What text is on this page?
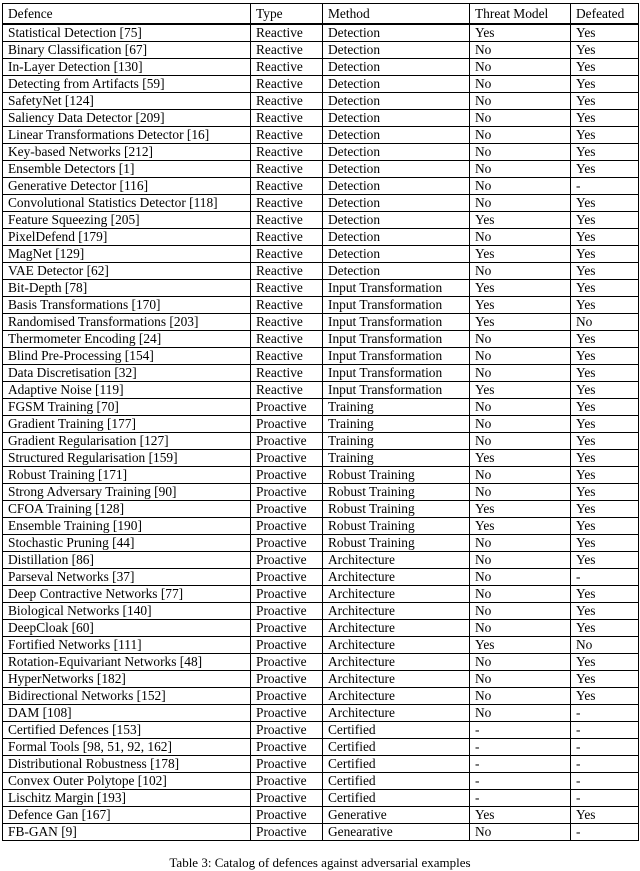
Defence	Type	Method	Threat Model	Defeated
Statistical Detection [75]	Reactive	Detection	Yes	Yes
Binary Classification [67]	Reactive	Detection	No	Yes
In-Layer Detection [130]	Reactive	Detection	No	Yes
Detecting from Artifacts [59]	Reactive	Detection	No	Yes
SafetyNet [124]	Reactive	Detection	No	Yes
Saliency Data Detector [209]	Reactive	Detection	No	Yes
Linear Transformations Detector [16]	Reactive	Detection	No	Yes
Key-based Networks [212]	Reactive	Detection	No	Yes
Ensemble Detectors [1]	Reactive	Detection	No	Yes
Generative Detector [116]	Reactive	Detection	No	-
Convolutional Statistics Detector [118]	Reactive	Detection	No	Yes
Feature Squeezing [205]	Reactive	Detection	Yes	Yes
PixelDefend [179]	Reactive	Detection	No	Yes
MagNet [129]	Reactive	Detection	Yes	Yes
VAE Detector [62]	Reactive	Detection	No	Yes
Bit-Depth [78]	Reactive	Input Transformation	Yes	Yes
Basis Transformations [170]	Reactive	Input Transformation	Yes	Yes
Randomised Transformations [203]	Reactive	Input Transformation	Yes	No
Thermometer Encoding [24]	Reactive	Input Transformation	No	Yes
Blind Pre-Processing [154]	Reactive	Input Transformation	No	Yes
Data Discretisation [32]	Reactive	Input Transformation	No	Yes
Adaptive Noise [119]	Reactive	Input Transformation	Yes	Yes
FGSM Training [70]	Proactive	Training	No	Yes
Gradient Training [177]	Proactive	Training	No	Yes
Gradient Regularisation [127]	Proactive	Training	No	Yes
Structured Regularisation [159]	Proactive	Training	Yes	Yes
Robust Training [171]	Proactive	Robust Training	No	Yes
Strong Adversary Training [90]	Proactive	Robust Training	No	Yes
CFOA Training [128]	Proactive	Robust Training	Yes	Yes
Ensemble Training [190]	Proactive	Robust Training	Yes	Yes
Stochastic Pruning [44]	Proactive	Robust Training	No	Yes
Distillation [86]	Proactive	Architecture	No	Yes
Parseval Networks [37]	Proactive	Architecture	No	-
Deep Contractive Networks [77]	Proactive	Architecture	No	Yes
Biological Networks [140]	Proactive	Architecture	No	Yes
DeepCloak [60]	Proactive	Architecture	No	Yes
Fortified Networks [111]	Proactive	Architecture	Yes	No
Rotation-Equivariant Networks [48]	Proactive	Architecture	No	Yes
HyperNetworks [182]	Proactive	Architecture	No	Yes
Bidirectional Networks [152]	Proactive	Architecture	No	Yes
DAM [108]	Proactive	Architecture	No	-
Certified Defences [153]	Proactive	Certified	-	-
Formal Tools [98, 51, 92, 162]	Proactive	Certified	-	-
Distributional Robustness [178]	Proactive	Certified	-	-
Convex Outer Polytope [102]	Proactive	Certified	-	-
Lischitz Margin [193]	Proactive	Certified	-	-
Defence Gan [167]	Proactive	Generative	Yes	Yes
FB-GAN [9]	Proactive	Genearative	No	-
Table 3: Catalog of defences against adversarial examples
